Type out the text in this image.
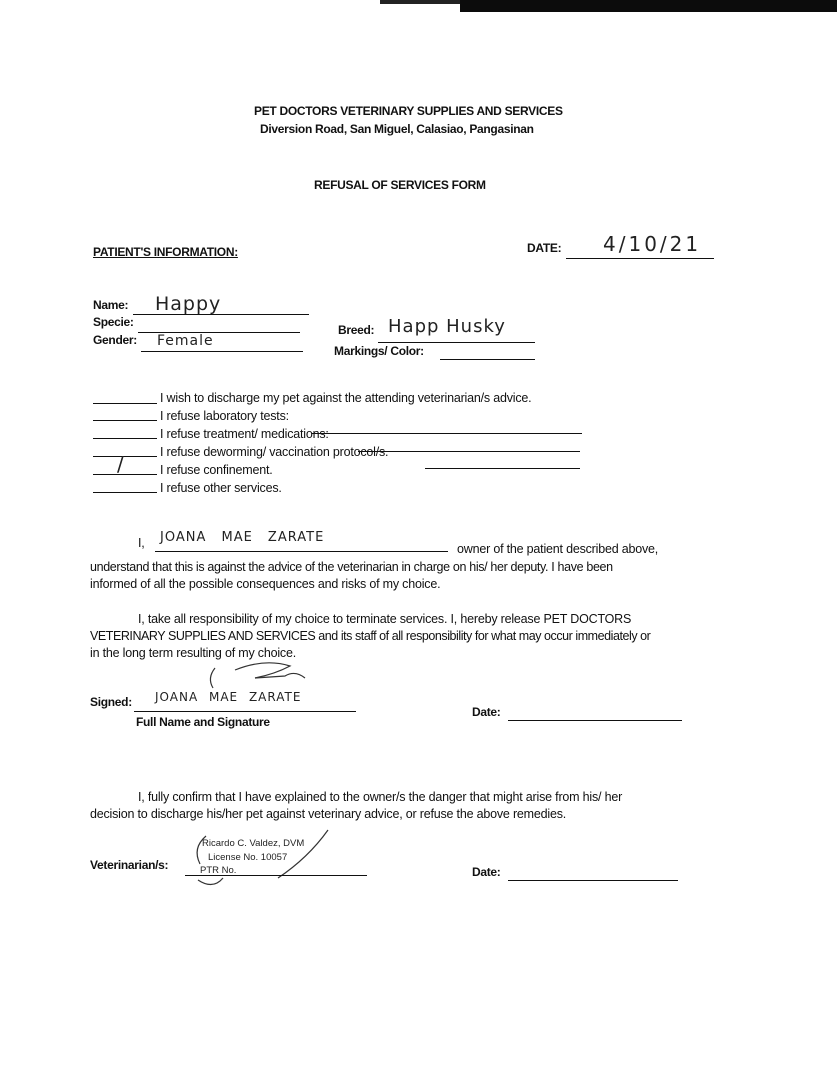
PET DOCTORS VETERINARY SUPPLIES AND SERVICES
Diversion Road, San Miguel, Calasiao, Pangasinan
REFUSAL OF SERVICES FORM
PATIENT'S INFORMATION:	DATE: 4/10/21
Name: Happy
Specie:
Gender: Female
Breed: Happ Husky
Markings/ Color:
I wish to discharge my pet against the attending veterinarian/s advice.
I refuse laboratory tests:
I refuse treatment/ medications:
I refuse deworming/ vaccination protocol/s.
/	I refuse confinement.
I refuse other services.
I, JOANA MAE ZARATE
owner of the patient described above,
understand that this is against the advice of the veterinarian in charge on his/ her deputy. I have been
informed of all the possible consequences and risks of my choice.
I, take all responsibility of my choice to terminate services. I, hereby release PET DOCTORS
VETERINARY SUPPLIES AND SERVICES and its staff of all responsibility for what may occur immediately or
in the long term resulting of my choice.
Signed: JOANA MAE ZARATE
Full Name and Signature
Date:
I, fully confirm that I have explained to the owner/s the danger that might arise from his/ her
decision to discharge his/her pet against veterinary advice, or refuse the above remedies.
Ricardo C. Valdez, DVM
License No. 10057
PTR No.
Veterinarian/s:	Date:
